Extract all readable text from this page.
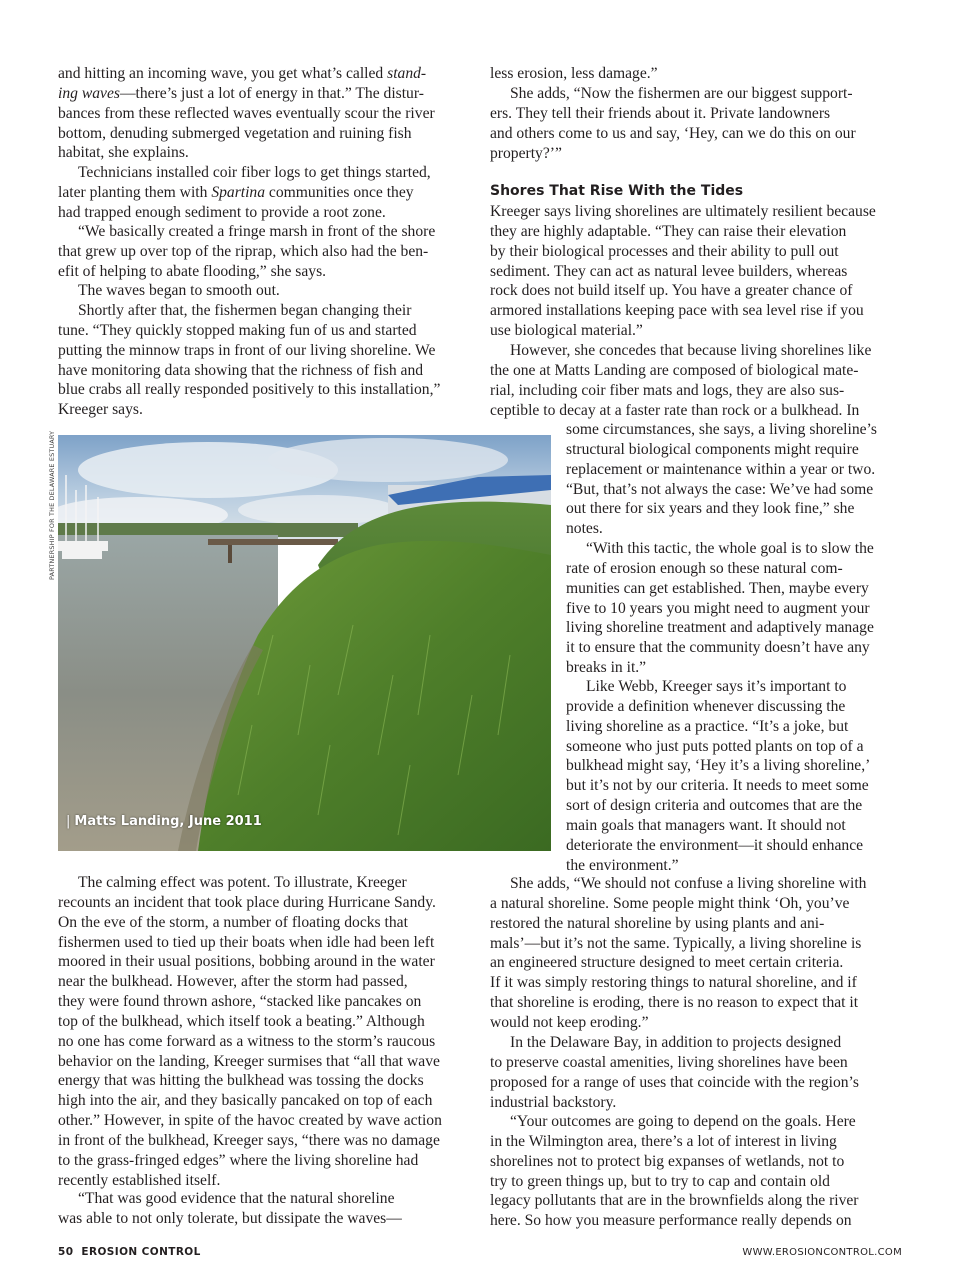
and hitting an incoming wave, you get what’s called stand-
ing waves—there’s just a lot of energy in that.” The distur-
bances from these reflected waves eventually scour the river
bottom, denuding submerged vegetation and ruining fish
habitat, she explains.

Technicians installed coir fiber logs to get things started,
later planting them with Spartina communities once they
had trapped enough sediment to provide a root zone.

“We basically created a fringe marsh in front of the shore
that grew up over top of the riprap, which also had the ben-
efit of helping to abate flooding,” she says.

The waves began to smooth out.

Shortly after that, the fishermen began changing their
tune. “They quickly stopped making fun of us and started
putting the minnow traps in front of our living shoreline. We
have monitoring data showing that the richness of fish and
blue crabs all really responded positively to this installation,”
Kreeger says.

PARTNERSHIP FOR THE DELAWARE ESTUARY
| Matts Landing, June 2011

The calming effect was potent. To illustrate, Kreeger
recounts an incident that took place during Hurricane Sandy.
On the eve of the storm, a number of floating docks that
fishermen used to tied up their boats when idle had been left
moored in their usual positions, bobbing around in the water
near the bulkhead. However, after the storm had passed,
they were found thrown ashore, “stacked like pancakes on
top of the bulkhead, which itself took a beating.” Although
no one has come forward as a witness to the storm’s raucous
behavior on the landing, Kreeger surmises that “all that wave
energy that was hitting the bulkhead was tossing the docks
high into the air, and they basically pancaked on top of each
other.” However, in spite of the havoc created by wave action
in front of the bulkhead, Kreeger says, “there was no damage
to the grass-fringed edges” where the living shoreline had
recently established itself.

“That was good evidence that the natural shoreline
was able to not only tolerate, but dissipate the waves—

less erosion, less damage.”

She adds, “Now the fishermen are our biggest support-
ers. They tell their friends about it. Private landowners
and others come to us and say, ‘Hey, can we do this on our
property?’”

Shores That Rise With the Tides

Kreeger says living shorelines are ultimately resilient because
they are highly adaptable. “They can raise their elevation
by their biological processes and their ability to pull out
sediment. They can act as natural levee builders, whereas
rock does not build itself up. You have a greater chance of
armored installations keeping pace with sea level rise if you
use biological material.”

However, she concedes that because living shorelines like
the one at Matts Landing are composed of biological mate-
rial, including coir fiber mats and logs, they are also sus-
ceptible to decay at a faster rate than rock or a bulkhead. In

some circumstances, she says, a living shoreline’s
structural biological components might require
replacement or maintenance within a year or two.
“But, that’s not always the case: We’ve had some
out there for six years and they look fine,” she
notes.

“With this tactic, the whole goal is to slow the
rate of erosion enough so these natural com-
munities can get established. Then, maybe every
five to 10 years you might need to augment your
living shoreline treatment and adaptively manage
it to ensure that the community doesn’t have any
breaks in it.”

Like Webb, Kreeger says it’s important to
provide a definition whenever discussing the
living shoreline as a practice. “It’s a joke, but
someone who just puts potted plants on top of a
bulkhead might say, ‘Hey it’s a living shoreline,’
but it’s not by our criteria. It needs to meet some
sort of design criteria and outcomes that are the
main goals that managers want. It should not
deteriorate the environment—it should enhance
the environment.”

She adds, “We should not confuse a living shoreline with
a natural shoreline. Some people might think ‘Oh, you’ve
restored the natural shoreline by using plants and ani-
mals’—but it’s not the same. Typically, a living shoreline is
an engineered structure designed to meet certain criteria.
If it was simply restoring things to natural shoreline, and if
that shoreline is eroding, there is no reason to expect that it
would not keep eroding.”

In the Delaware Bay, in addition to projects designed
to preserve coastal amenities, living shorelines have been
proposed for a range of uses that coincide with the region’s
industrial backstory.

“Your outcomes are going to depend on the goals. Here
in the Wilmington area, there’s a lot of interest in living
shorelines not to protect big expanses of wetlands, not to
try to green things up, but to try to cap and contain old
legacy pollutants that are in the brownfields along the river
here. So how you measure performance really depends on

50 EROSION CONTROL	WWW.EROSIONCONTROL.COM
